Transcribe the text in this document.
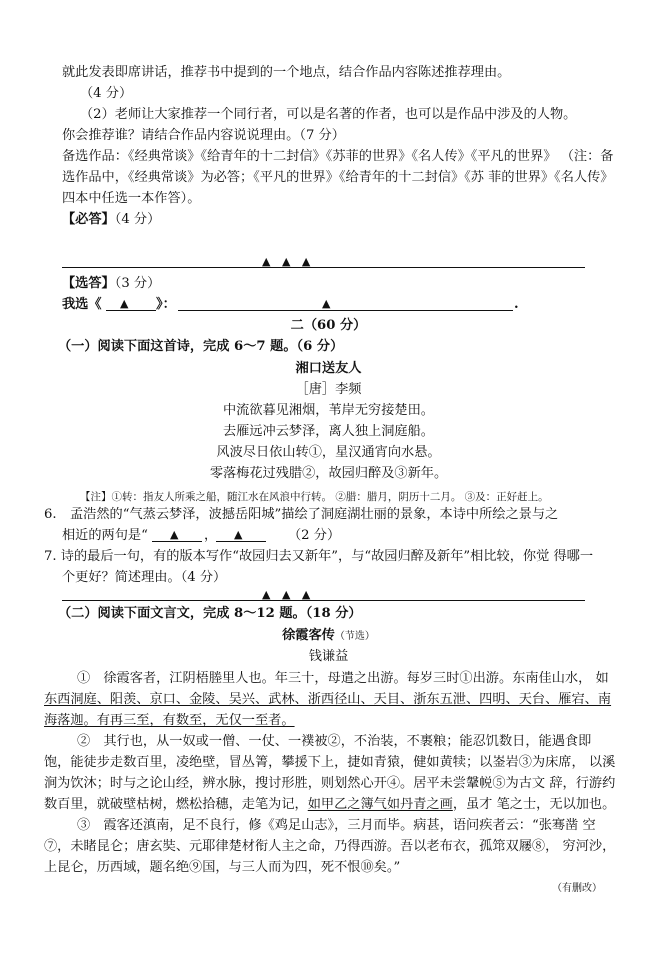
就此发表即席讲话，推荐书中提到的一个地点，结合作品内容陈述推荐理由。
（4 分）
（2）老师让大家推荐一个同行者，可以是名著的作者，也可以是作品中涉及的人物。
你会推荐谁？请结合作品内容说说理由。（7 分）
备选作品：《经典常谈》《给青年的十二封信》《苏菲的世界》《名人传》《平凡的世界》 （注：备
选作品中，《经典常谈》为必答；《平凡的世界》《给青年的十二封信》《苏 菲的世界》《名人传》
四本中任选一本作答）。
【必答】（4 分）
▲ ▲ ▲
【选答】（3 分）
我选《 ▲ 》：	▲	.
二（60 分）
（一）阅读下面这首诗，完成 6～7 题。（6 分）
湘口送友人
［唐］李频
中流欲暮见湘烟，苇岸无穷接楚田。
去雁远冲云梦泽，离人独上洞庭船。
风波尽日依山转①，星汉通宵向水悬。
零落梅花过残腊②，故园归醉及③新年。
【注】①转：指友人所乘之船，随江水在风浪中行转。 ②腊：腊月，阴历十二月。 ③及：正好赶上。
6. 孟浩然的“气蒸云梦泽，波撼岳阳城”描绘了洞庭湖壮丽的景象，本诗中所绘之景与之
相近的两句是“ ▲ ， ▲	（2 分）
7. 诗的最后一句，有的版本写作“故园归去又新年”，与“故园归醉及新年”相比较，你觉 得哪一
个更好？简述理由。（4 分）
▲ ▲ ▲
（二）阅读下面文言文，完成 8～12 题。（18 分）
徐霞客传（节选）
钱谦益
①　徐霞客者，江阴梧塍里人也。年三十，母遣之出游。每岁三时①出游。东南佳山水， 如
东西洞庭、阳羡、京口、金陵、吴兴、武林、浙西径山、天目、浙东五泄、四明、天台、雁宕、南
海落迦。有再三至，有数至，无仅一至者。
②　其行也，从一奴或一僧、一仗、一襆被②，不治装，不裹粮；能忍饥数日，能遇食即
饱，能徒步走数百里，凌绝壁，冒丛箐，攀援下上，捷如青猿，健如黄犊；以崟岩③为床席， 以溪
涧为饮沐；时与之论山经，辨水脉，搜讨形胜，则划然心开④。居平未尝鞶帨⑤为古文 辞，行游约
数百里，就破壁枯树，燃松拾穗，走笔为记，如甲乙之簿气如丹青之画，虽才 笔之士，无以加也。
③　霞客还滇南，足不良行，修《鸡足山志》，三月而毕。病甚，语问疾者云：“张骞凿 空
⑦，未睹昆仑；唐玄奘、元耶律楚材衔人主之命，乃得西游。吾以老布衣，孤筇双屦⑧， 穷河沙，
上昆仑，历西域，题名绝⑨国，与三人而为四，死不恨⑩矣。”
（有删改）
